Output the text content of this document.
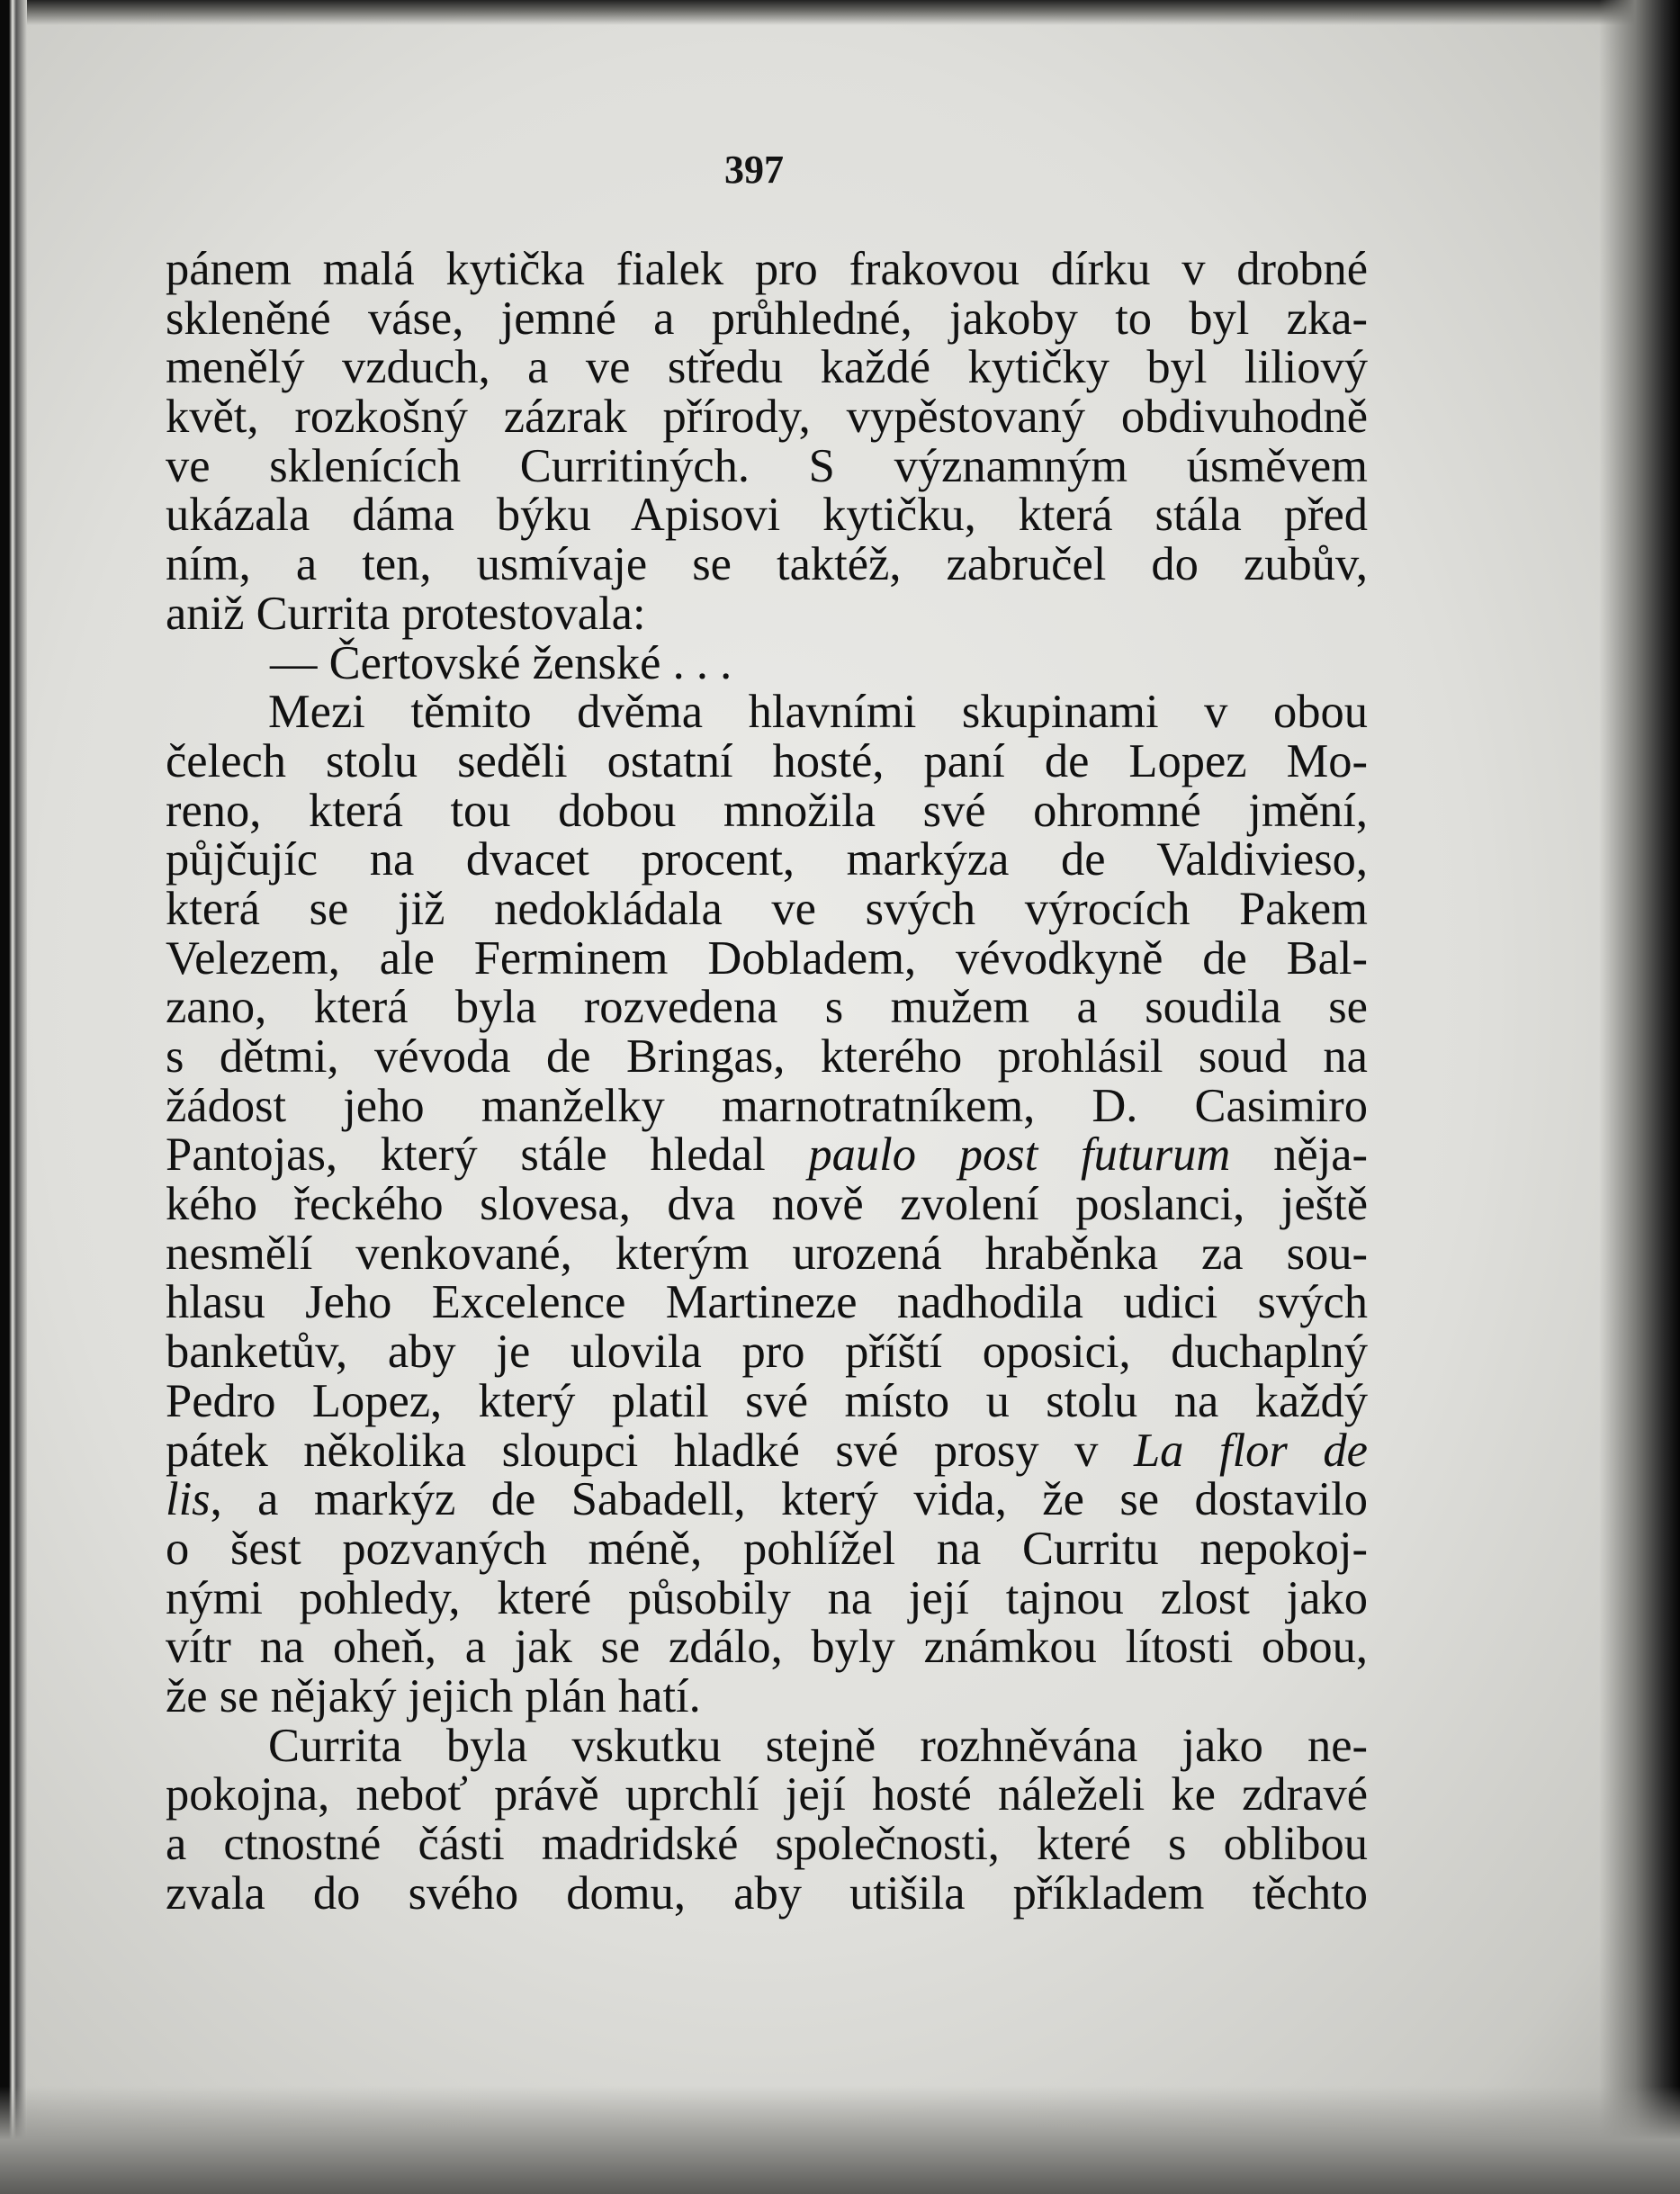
397
pánem malá kytička fialek pro frakovou dírku v drobné
skleněné váse, jemné a průhledné, jakoby to byl zka-
menělý vzduch, a ve středu každé kytičky byl liliový
květ, rozkošný zázrak přírody, vypěstovaný obdivuhodně
ve sklenících Curritiných. S významným úsměvem
ukázala dáma býku Apisovi kytičku, která stála před
ním, a ten, usmívaje se taktéž, zabručel do zubův,
aniž Currita protestovala:
— Čertovské ženské . . .
Mezi těmito dvěma hlavními skupinami v obou
čelech stolu seděli ostatní hosté, paní de Lopez Mo-
reno, která tou dobou množila své ohromné jmění,
půjčujíc na dvacet procent, markýza de Valdivieso,
která se již nedokládala ve svých výrocích Pakem
Velezem, ale Ferminem Dobladem, vévodkyně de Bal-
zano, která byla rozvedena s mužem a soudila se
s dětmi, vévoda de Bringas, kterého prohlásil soud na
žádost jeho manželky marnotratníkem, D. Casimiro
Pantojas, který stále hledal paulo post futurum něja-
kého řeckého slovesa, dva nově zvolení poslanci, ještě
nesmělí venkované, kterým urozená hraběnka za sou-
hlasu Jeho Excelence Martineze nadhodila udici svých
banketův, aby je ulovila pro příští oposici, duchaplný
Pedro Lopez, který platil své místo u stolu na každý
pátek několika sloupci hladké své prosy v La flor de
lis, a markýz de Sabadell, který vida, že se dostavilo
o šest pozvaných méně, pohlížel na Curritu nepokoj-
nými pohledy, které působily na její tajnou zlost jako
vítr na oheň, a jak se zdálo, byly známkou lítosti obou,
že se nějaký jejich plán hatí.
Currita byla vskutku stejně rozhněvána jako ne-
pokojna, neboť právě uprchlí její hosté náleželi ke zdravé
a ctnostné části madridské společnosti, které s oblibou
zvala do svého domu, aby utišila příkladem těchto
